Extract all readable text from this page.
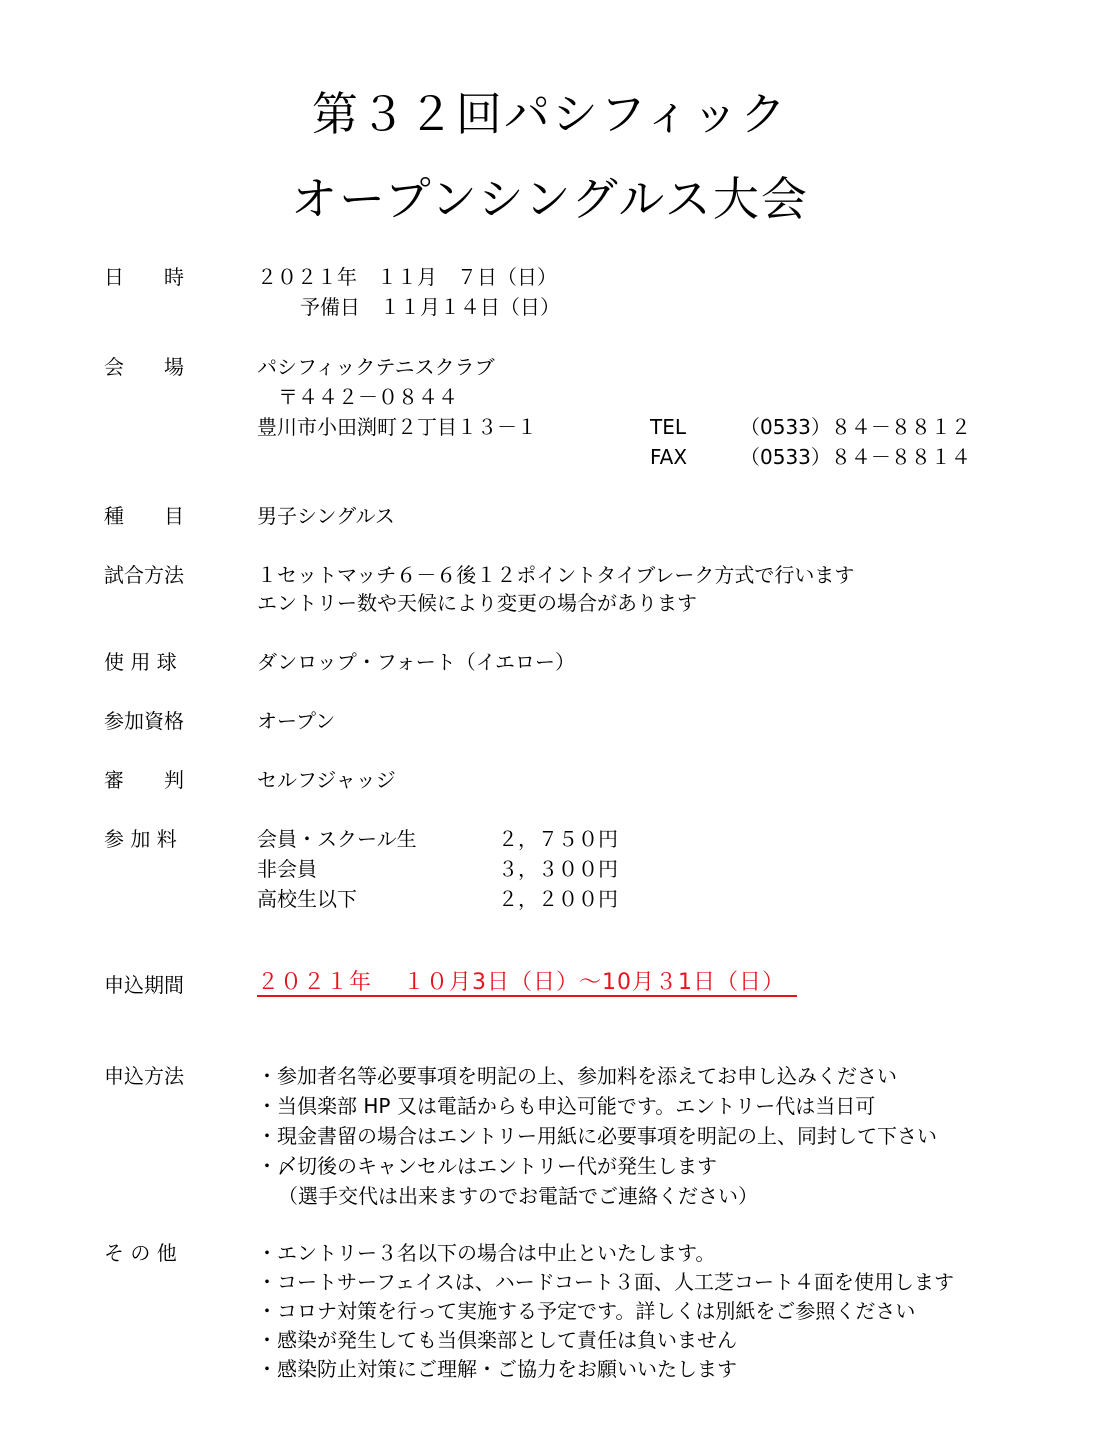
第３２回パシフィック
オープンシングルス大会
日　　時	２０２１年　１１月　７日（日）
予備日　１１月１４日（日）
会　　場	パシフィックテニスクラブ
〒４４２－０８４４
豊川市小田渕町２丁目１３－１	TEL	（0533）８４－８８１２
FAX	（0533）８４－８８１４
種　　目	男子シングルス
試合方法	１セットマッチ６－６後１２ポイントタイブレーク方式で行います
エントリー数や天候により変更の場合があります
使 用 球	ダンロップ・フォート（イエロー）
参加資格	オープン
審　　判	セルフジャッジ
参 加 料	会員・スクール生	２，７５０円
非会員	３，３００円
高校生以下	２，２００円
申込期間	２０２１年　 １０月3日（日）～10月３1日（日）
申込方法	・参加者名等必要事項を明記の上、参加料を添えてお申し込みください
・当倶楽部 HP 又は電話からも申込可能です。エントリー代は当日可
・現金書留の場合はエントリー用紙に必要事項を明記の上、同封して下さい
・〆切後のキャンセルはエントリー代が発生します
（選手交代は出来ますのでお電話でご連絡ください）
そ の 他	・エントリー３名以下の場合は中止といたします。
・コートサーフェイスは、ハードコート３面、人工芝コート４面を使用します
・コロナ対策を行って実施する予定です。詳しくは別紙をご参照ください
・感染が発生しても当倶楽部として責任は負いません
・感染防止対策にご理解・ご協力をお願いいたします
